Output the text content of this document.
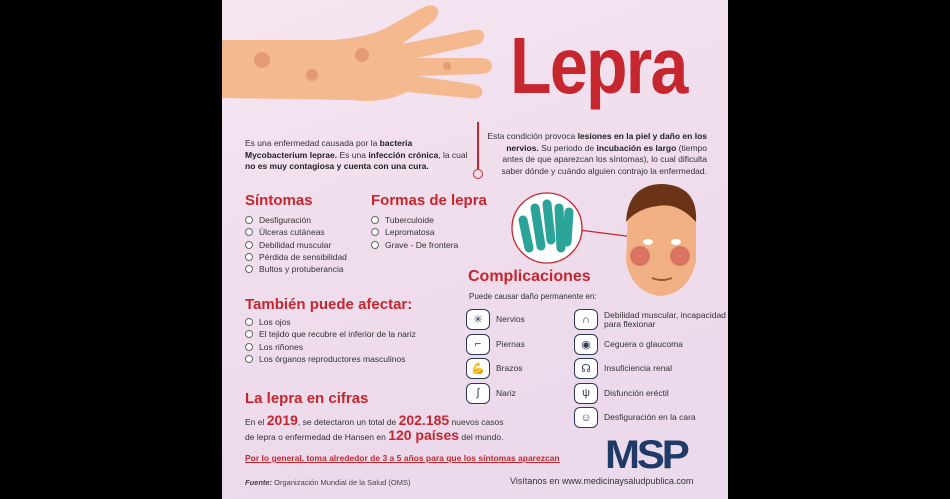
Lepra
Es una enfermedad causada por la bacteria Mycobacterium leprae. Es una infección crónica, la cual no es muy contagiosa y cuenta con una cura.
Esta condición provoca lesiones en la piel y daño en los nervios. Su periodo de incubación es largo (tiempo antes de que aparezcan los síntomas), lo cual dificulta saber dónde y cuándo alguien contrajo la enfermedad.
Síntomas
Desfiguración
Úlceras cutáneas
Debilidad muscular
Pérdida de sensibilidad
Bultos y protuberancia
Formas de lepra
Tuberculoide
Lepromatosa
Grave - De frontera
Complicaciones
Puede causar daño permanente en:
✳	Nervios
⌐	Piernas
💪	Brazos
∫	Nariz
∩	Debilidad muscular, incapacidad para flexionar
◉	Ceguera o glaucoma
☊	Insuficiencia renal
ψ	Disfunción eréctil
☺	Desfiguración en la cara
También puede afectar:
Los ojos
El tejido que recubre el inferior de la nariz
Los riñones
Los órganos reproductores masculinos
La lepra en cifras
En el 2019, se detectaron un total de 202.185 nuevos casos
de lepra o enfermedad de Hansen en 120 países del mundo.
Por lo general, toma alrededor de 3 a 5 años para que los síntomas aparezcan
Fuente: Organización Mundial de la Salud (OMS)
MSP
Visítanos en www.medicinaysaludpublica.com
